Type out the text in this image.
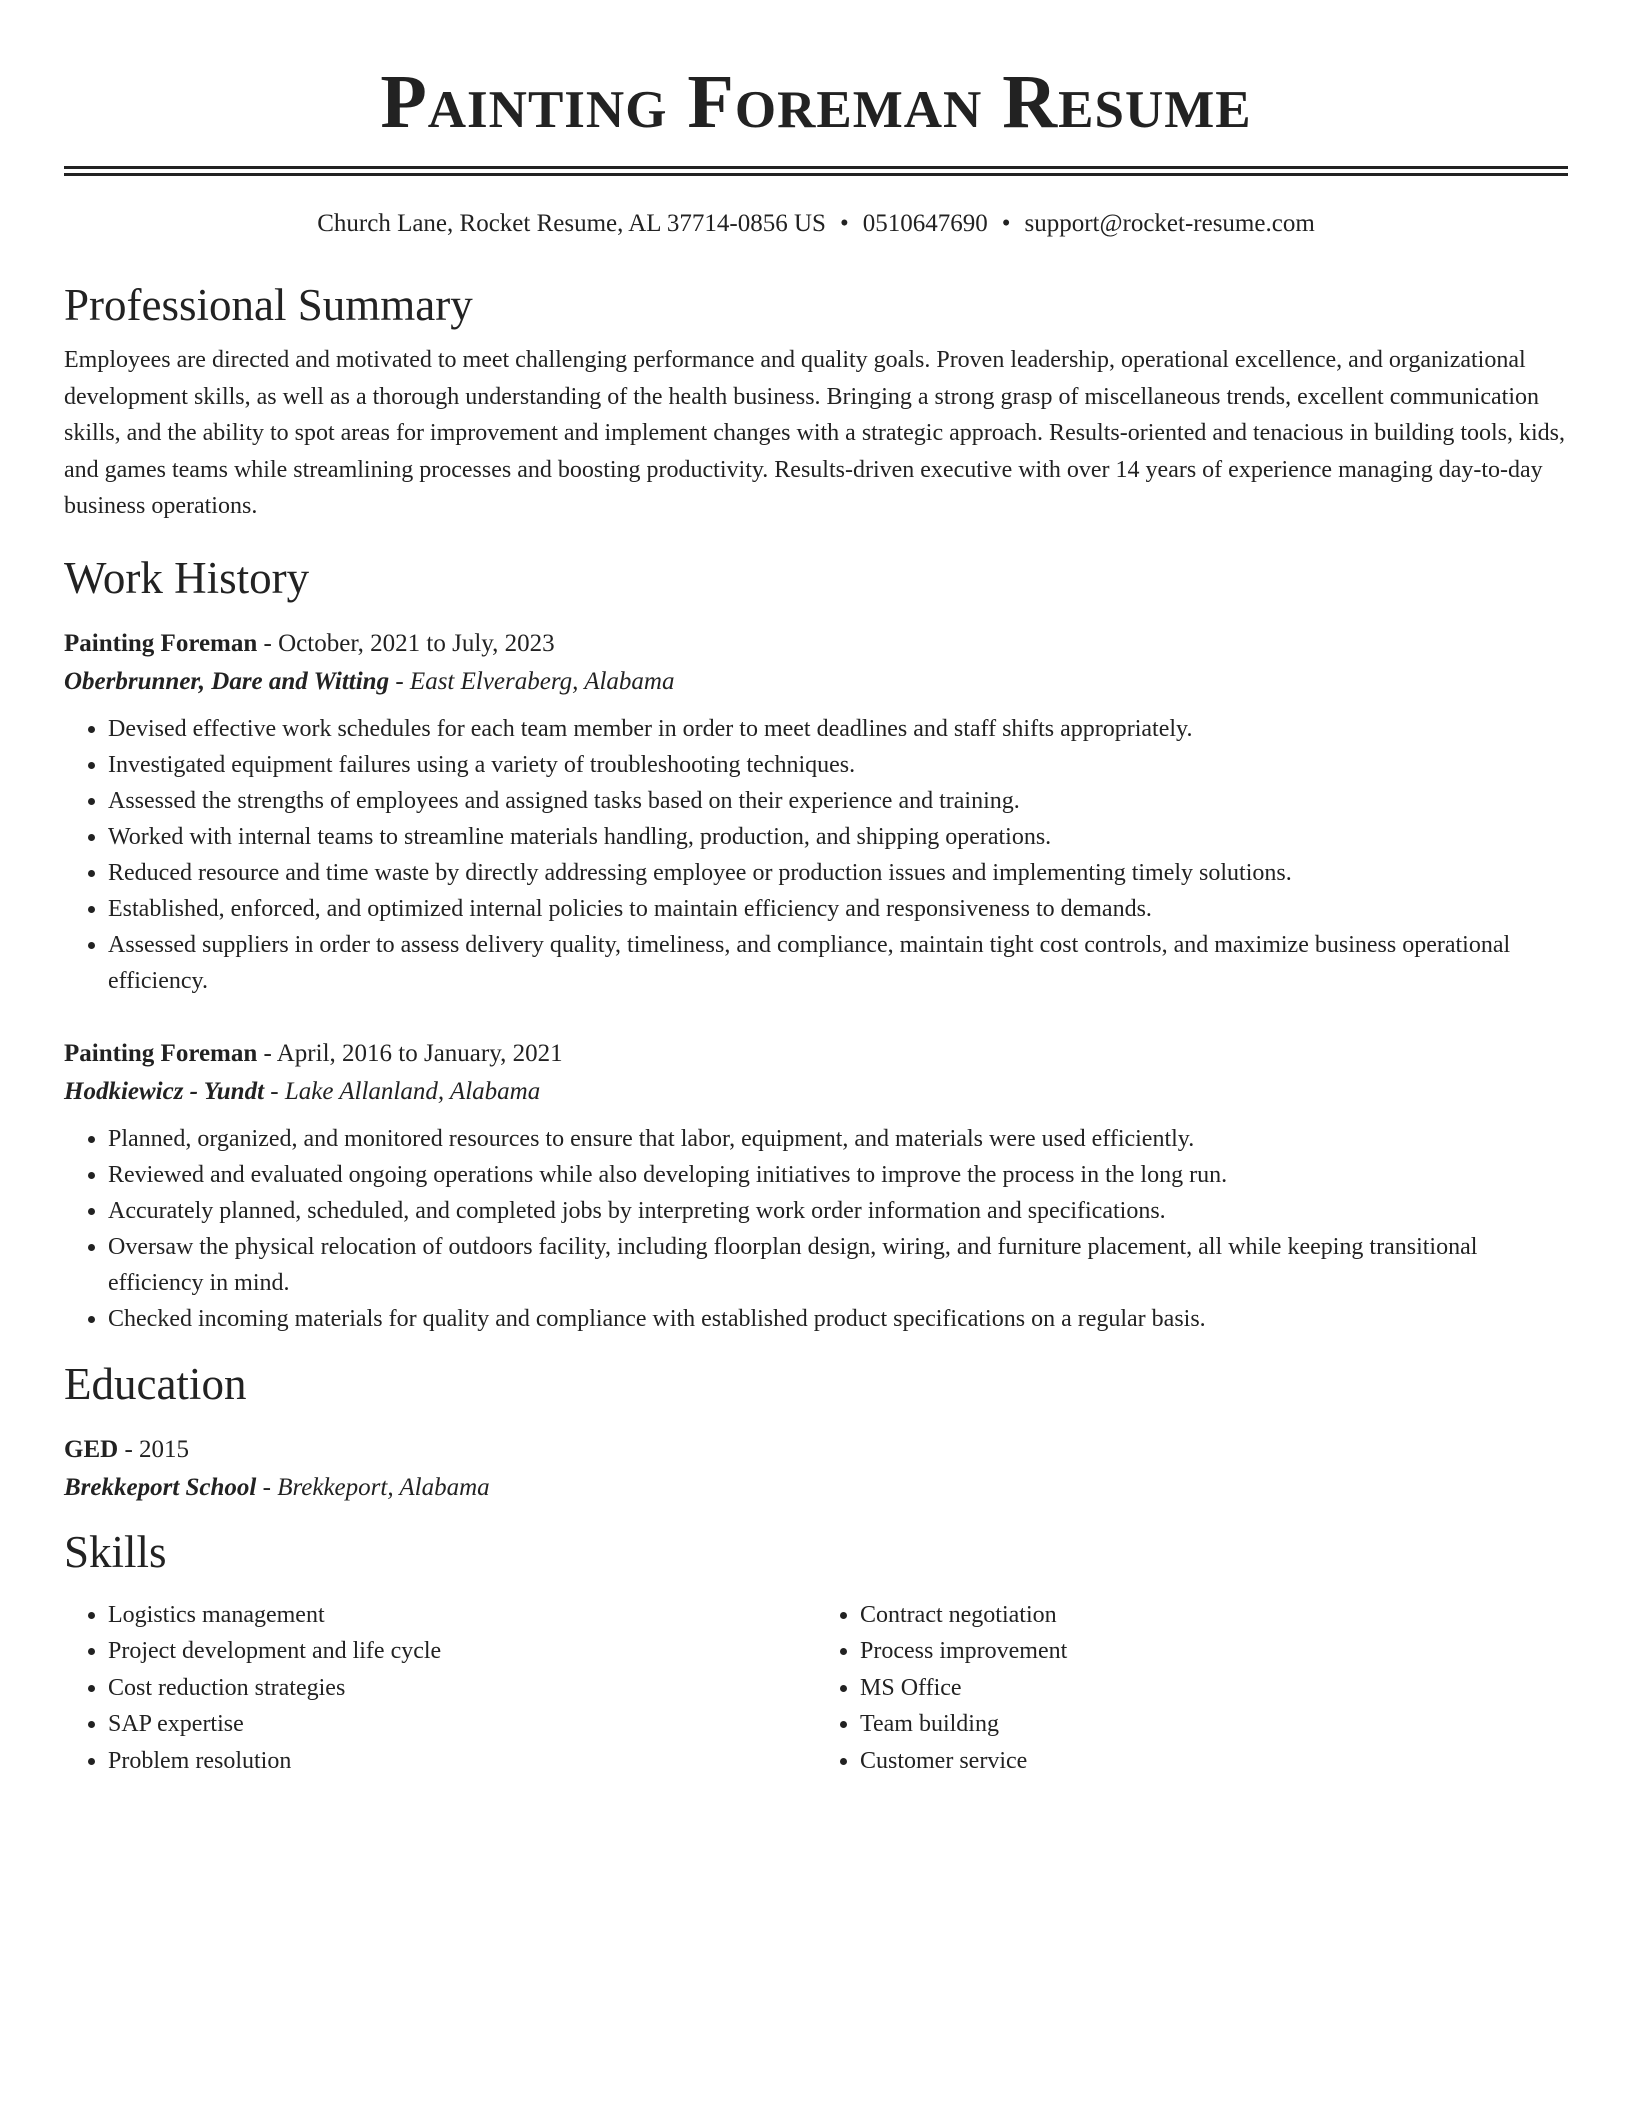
Painting Foreman Resume
Church Lane, Rocket Resume, AL 37714-0856 US • 0510647690 • support@rocket-resume.com
Professional Summary

Employees are directed and motivated to meet challenging performance and quality goals. Proven leadership, operational excellence, and organizational development skills, as well as a thorough understanding of the health business. Bringing a strong grasp of miscellaneous trends, excellent communication skills, and the ability to spot areas for improvement and implement changes with a strategic approach. Results-oriented and tenacious in building tools, kids, and games teams while streamlining processes and boosting productivity. Results-driven executive with over 14 years of experience managing day-to-day business operations.

Work History
Painting Foreman - October, 2021 to July, 2023
Oberbrunner, Dare and Witting - East Elveraberg, Alabama
• Devised effective work schedules for each team member in order to meet deadlines and staff shifts appropriately.
• Investigated equipment failures using a variety of troubleshooting techniques.
• Assessed the strengths of employees and assigned tasks based on their experience and training.
• Worked with internal teams to streamline materials handling, production, and shipping operations.
• Reduced resource and time waste by directly addressing employee or production issues and implementing timely solutions.
• Established, enforced, and optimized internal policies to maintain efficiency and responsiveness to demands.
• Assessed suppliers in order to assess delivery quality, timeliness, and compliance, maintain tight cost controls, and maximize business operational efficiency.
Painting Foreman - April, 2016 to January, 2021
Hodkiewicz - Yundt - Lake Allanland, Alabama
• Planned, organized, and monitored resources to ensure that labor, equipment, and materials were used efficiently.
• Reviewed and evaluated ongoing operations while also developing initiatives to improve the process in the long run.
• Accurately planned, scheduled, and completed jobs by interpreting work order information and specifications.
• Oversaw the physical relocation of outdoors facility, including floorplan design, wiring, and furniture placement, all while keeping transitional efficiency in mind.
• Checked incoming materials for quality and compliance with established product specifications on a regular basis.
Education
GED - 2015
Brekkeport School - Brekkeport, Alabama
Skills
• Logistics management
• Project development and life cycle
• Cost reduction strategies
• SAP expertise
• Problem resolution
• Contract negotiation
• Process improvement
• MS Office
• Team building
• Customer service
